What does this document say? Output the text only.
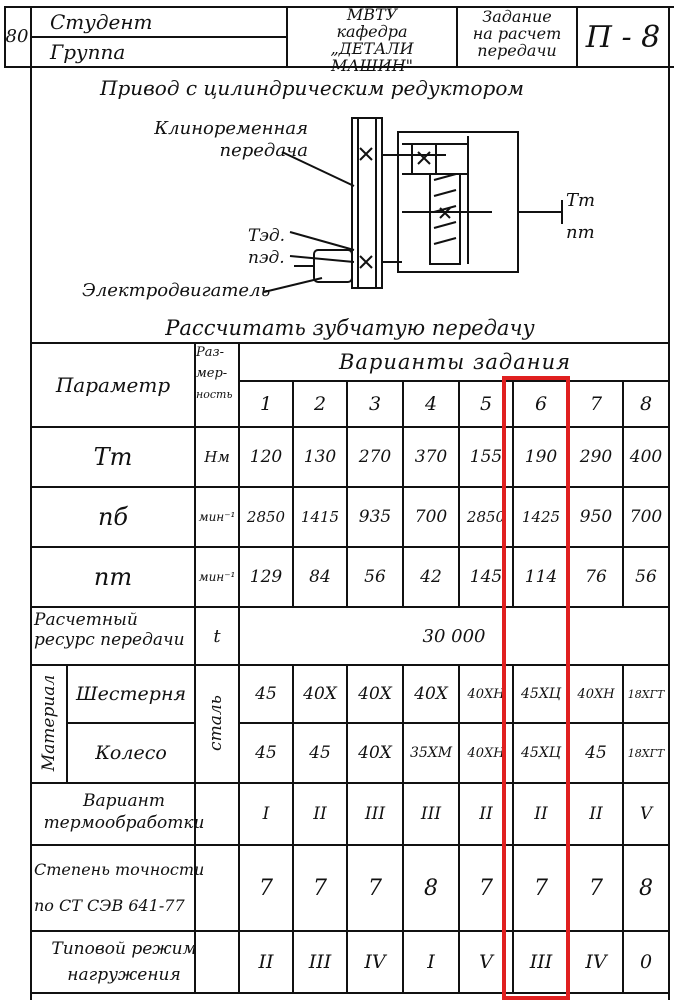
80
Студент
Группа
МВТУ
кафедра
„ДЕТАЛИ МАШИН"
Задание
на расчет
передачи П - 8
Привод с цилиндрическим редуктором
Клиноременная
передача
Тэд.
nэд.
Тт
nт
Электродвигатель
Рассчитать зубчатую передачу
Параметр
Раз-
мер-
ность
Варианты задания
1	2	3	4	5	6	7	8
Тт	Нм	120	130	270	370	155	190	290	400
nб	мин⁻¹ 2850	1415	935	700	2850	1425	950	700
nт	мин⁻¹ 129	84	56	42	145	114	76	56
Расчетный
ресурс передачи	t	30 000
Материал	сталь
Шестерня	45	40Х	40Х	40Х	40ХН	45ХЦ	40ХН	18ХГТ
Колесо	45	45	40Х	35ХМ	40ХН	45ХЦ	45	18ХГТ
Вариант
термообработки	I	II	III	III	II	II	II	V
Степень точности
по СТ СЭВ 641-77
7	7	7	8	7	7	7	8
Типовой режим
нагружения
II	III	IV	I	V	III	IV	0
